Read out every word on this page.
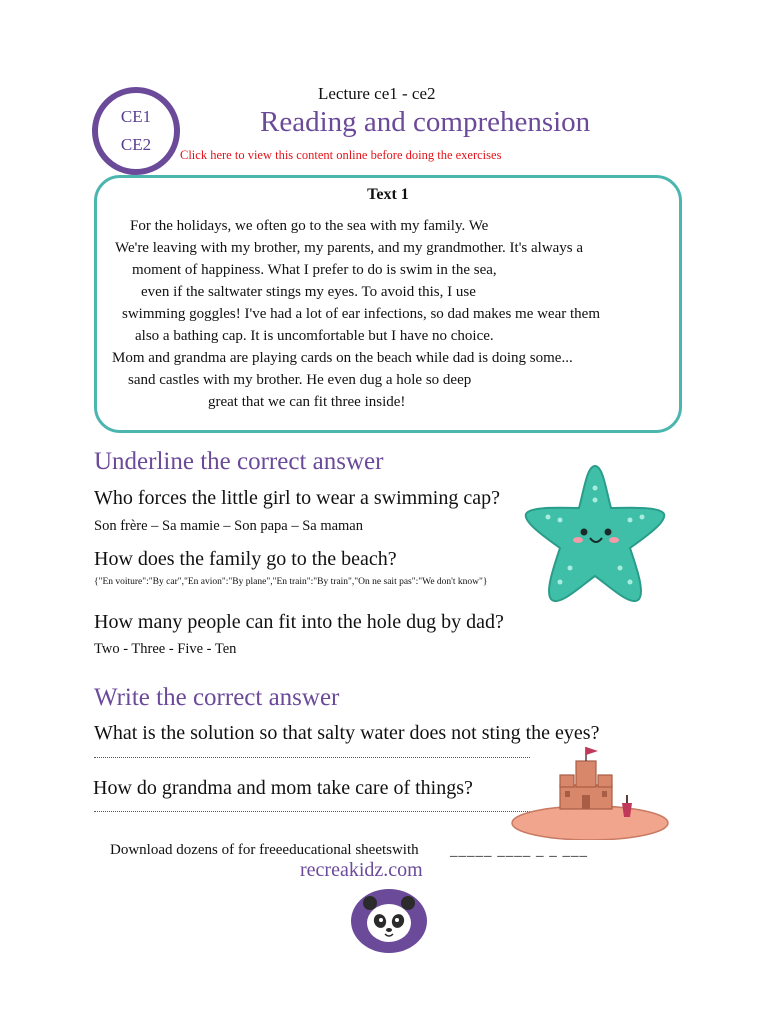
CE1
CE2
Lecture ce1 - ce2
Reading and comprehension
Click here to view this content online before doing the exercises
Text 1
For the holidays, we often go to the sea with my family. We
We're leaving with my brother, my parents, and my grandmother. It's always a
moment of happiness. What I prefer to do is swim in the sea,
even if the saltwater stings my eyes. To avoid this, I use
swimming goggles! I've had a lot of ear infections, so dad makes me wear them
also a bathing cap. It is uncomfortable but I have no choice.
Mom and grandma are playing cards on the beach while dad is doing some...
sand castles with my brother. He even dug a hole so deep
great that we can fit three inside!
Underline the correct answer
Who forces the little girl to wear a swimming cap?
Son frère – Sa mamie – Son papa – Sa maman
How does the family go to the beach?
{"En voiture":"By car","En avion":"By plane","En train":"By train","On ne sait pas":"We don't know"}
How many people can fit into the hole dug by dad?
Two - Three - Five - Ten
Write the correct answer
What is the solution so that salty water does not sting the eyes?
How do grandma and mom take care of things?
Download dozens of for freeeducational sheetswith _____ ____ _ _ ___
recreakidz.com
